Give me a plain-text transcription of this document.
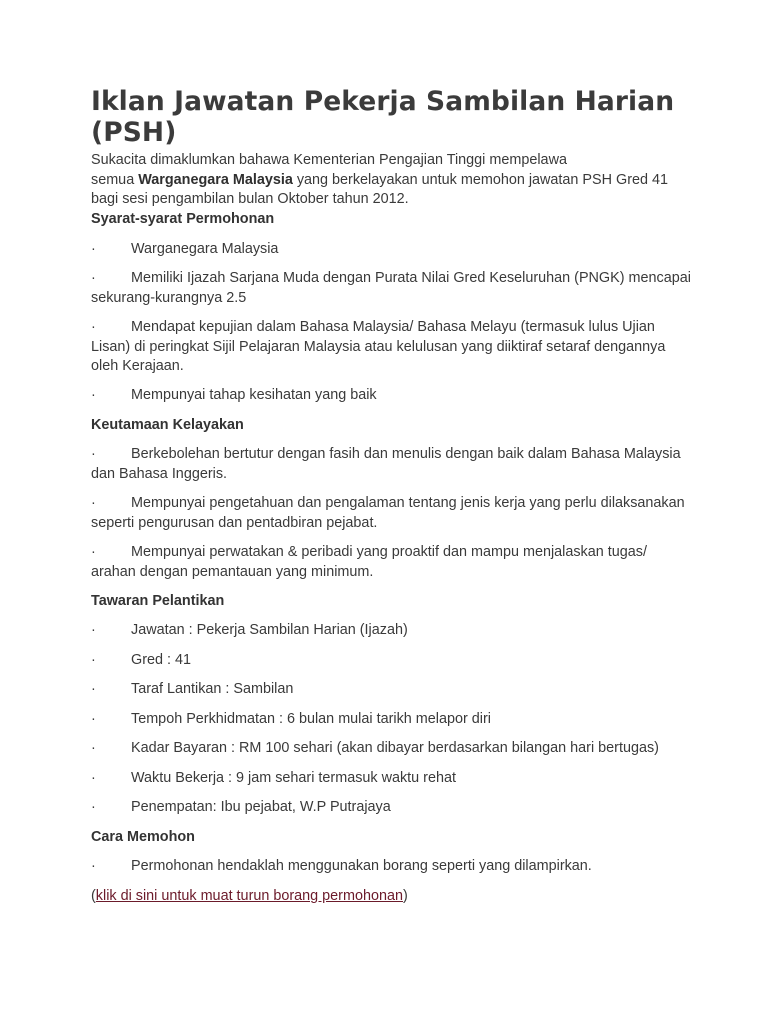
Iklan Jawatan Pekerja Sambilan Harian (PSH)

Sukacita dimaklumkan bahawa Kementerian Pengajian Tinggi mempelawa
semua Warganegara Malaysia yang berkelayakan untuk memohon jawatan PSH Gred 41 bagi sesi pengambilan bulan Oktober tahun 2012.

Syarat-syarat Permohonan

· Warganegara Malaysia

· Memiliki Ijazah Sarjana Muda dengan Purata Nilai Gred Keseluruhan (PNGK) mencapai sekurang-kurangnya 2.5

· Mendapat kepujian dalam Bahasa Malaysia/ Bahasa Melayu (termasuk lulus Ujian Lisan) di peringkat Sijil Pelajaran Malaysia atau kelulusan yang diiktiraf setaraf dengannya oleh Kerajaan.

· Mempunyai tahap kesihatan yang baik

Keutamaan Kelayakan

· Berkebolehan bertutur dengan fasih dan menulis dengan baik dalam Bahasa Malaysia dan Bahasa Inggeris.

· Mempunyai pengetahuan dan pengalaman tentang jenis kerja yang perlu dilaksanakan seperti pengurusan dan pentadbiran pejabat.

· Mempunyai perwatakan & peribadi yang proaktif dan mampu menjalaskan tugas/ arahan dengan pemantauan yang minimum.

Tawaran Pelantikan

· Jawatan : Pekerja Sambilan Harian (Ijazah)

· Gred : 41

· Taraf Lantikan : Sambilan

· Tempoh Perkhidmatan : 6 bulan mulai tarikh melapor diri

· Kadar Bayaran : RM 100 sehari (akan dibayar berdasarkan bilangan hari bertugas)

· Waktu Bekerja : 9 jam sehari termasuk waktu rehat

· Penempatan: Ibu pejabat, W.P Putrajaya

Cara Memohon

· Permohonan hendaklah menggunakan borang seperti yang dilampirkan.

(klik di sini untuk muat turun borang permohonan)
